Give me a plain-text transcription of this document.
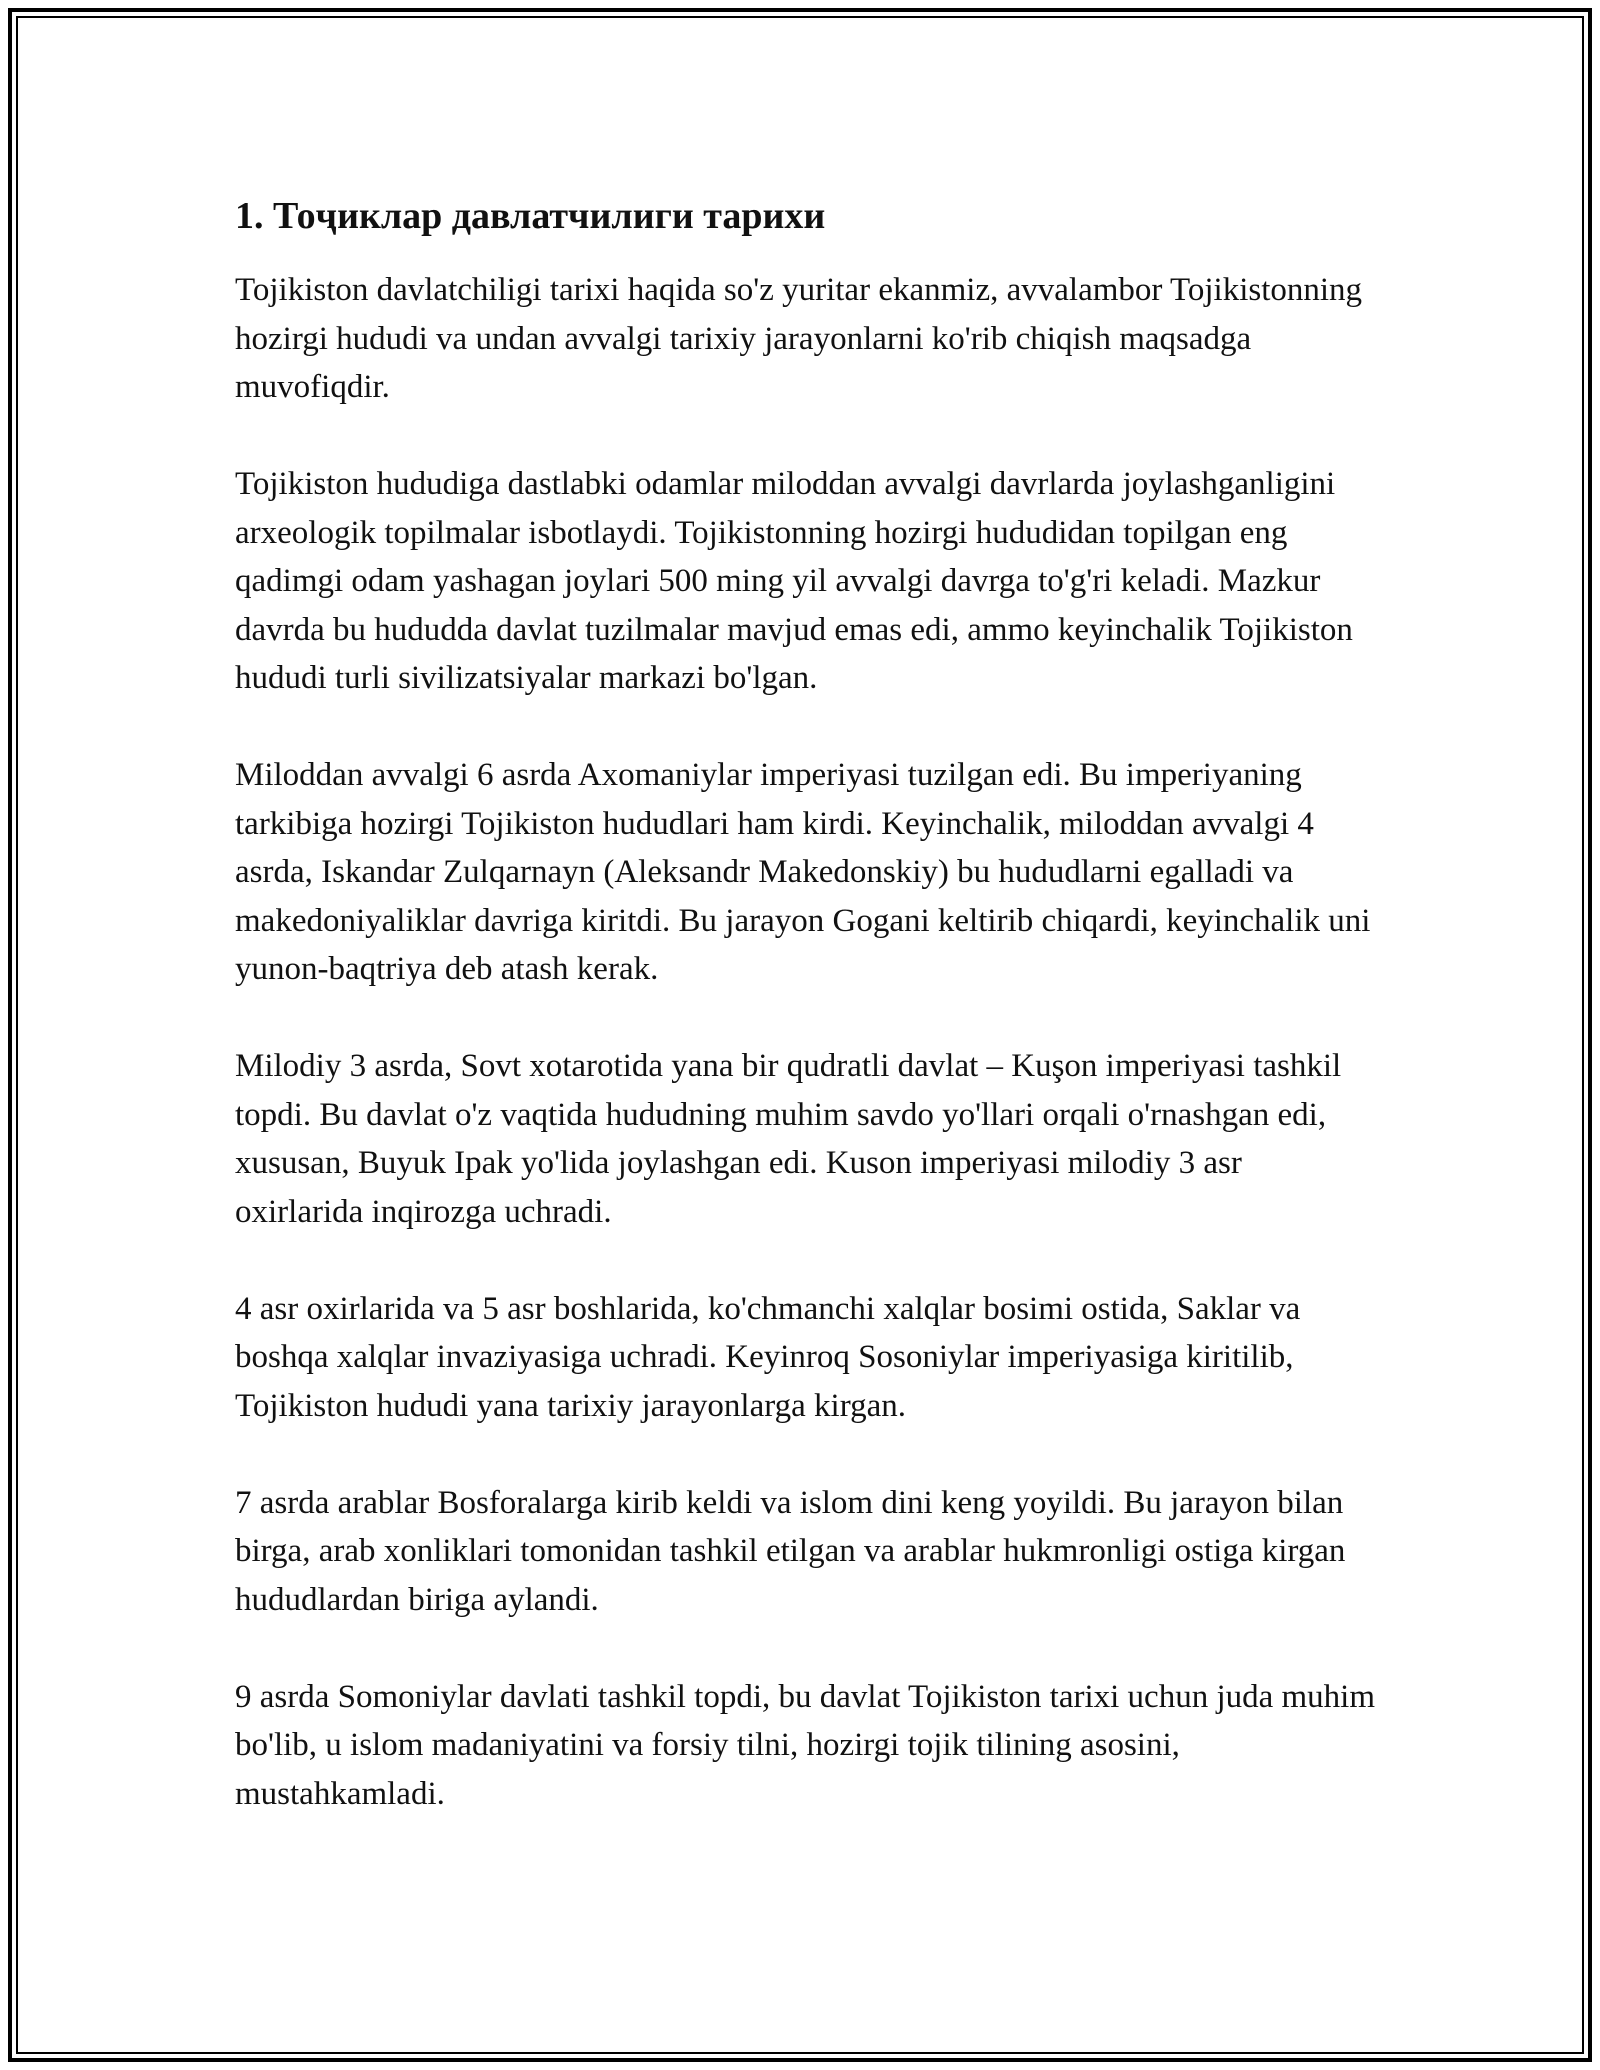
1. Тоҷиклар давлатчилиги тарихи

Tojikiston davlatchiligi tarixi haqida so'z yuritar ekanmiz, avvalambor Tojikistonning hozirgi hududi va undan avvalgi tarixiy jarayonlarni ko'rib chiqish maqsadga muvofiqdir.

Tojikiston hududiga dastlabki odamlar miloddan avvalgi davrlarda joylashganligini arxeologik topilmalar isbotlaydi. Tojikistonning hozirgi hududidan topilgan eng qadimgi odam yashagan joylari 500 ming yil avvalgi davrga to'g'ri keladi. Mazkur davrda bu hududda davlat tuzilmalar mavjud emas edi, ammo keyinchalik Tojikiston hududi turli sivilizatsiyalar markazi bo'lgan.

Miloddan avvalgi 6 asrda Axomaniylar imperiyasi tuzilgan edi. Bu imperiyaning tarkibiga hozirgi Tojikiston hududlari ham kirdi. Keyinchalik, miloddan avvalgi 4 asrda, Iskandar Zulqarnayn (Aleksandr Makedonskiy) bu hududlarni egalladi va makedoniyaliklar davriga kiritdi. Bu jarayon Gogani keltirib chiqardi, keyinchalik uni yunon-baqtriya deb atash kerak.

Milodiy 3 asrda, Sovt xotarotida yana bir qudratli davlat – Kuşon imperiyasi tashkil topdi. Bu davlat o'z vaqtida hududning muhim savdo yo'llari orqali o'rnashgan edi, xususan, Buyuk Ipak yo'lida joylashgan edi. Kuson imperiyasi milodiy 3 asr oxirlarida inqirozga uchradi.

4 asr oxirlarida va 5 asr boshlarida, ko'chmanchi xalqlar bosimi ostida, Saklar va boshqa xalqlar invaziyasiga uchradi. Keyinroq Sosoniylar imperiyasiga kiritilib, Tojikiston hududi yana tarixiy jarayonlarga kirgan.

7 asrda arablar Bosforalarga kirib keldi va islom dini keng yoyildi. Bu jarayon bilan birga, arab xonliklari tomonidan tashkil etilgan va arablar hukmronligi ostiga kirgan hududlardan biriga aylandi.

9 asrda Somoniylar davlati tashkil topdi, bu davlat Tojikiston tarixi uchun juda muhim bo'lib, u islom madaniyatini va forsiy tilni, hozirgi tojik tilining asosini, mustahkamladi.
